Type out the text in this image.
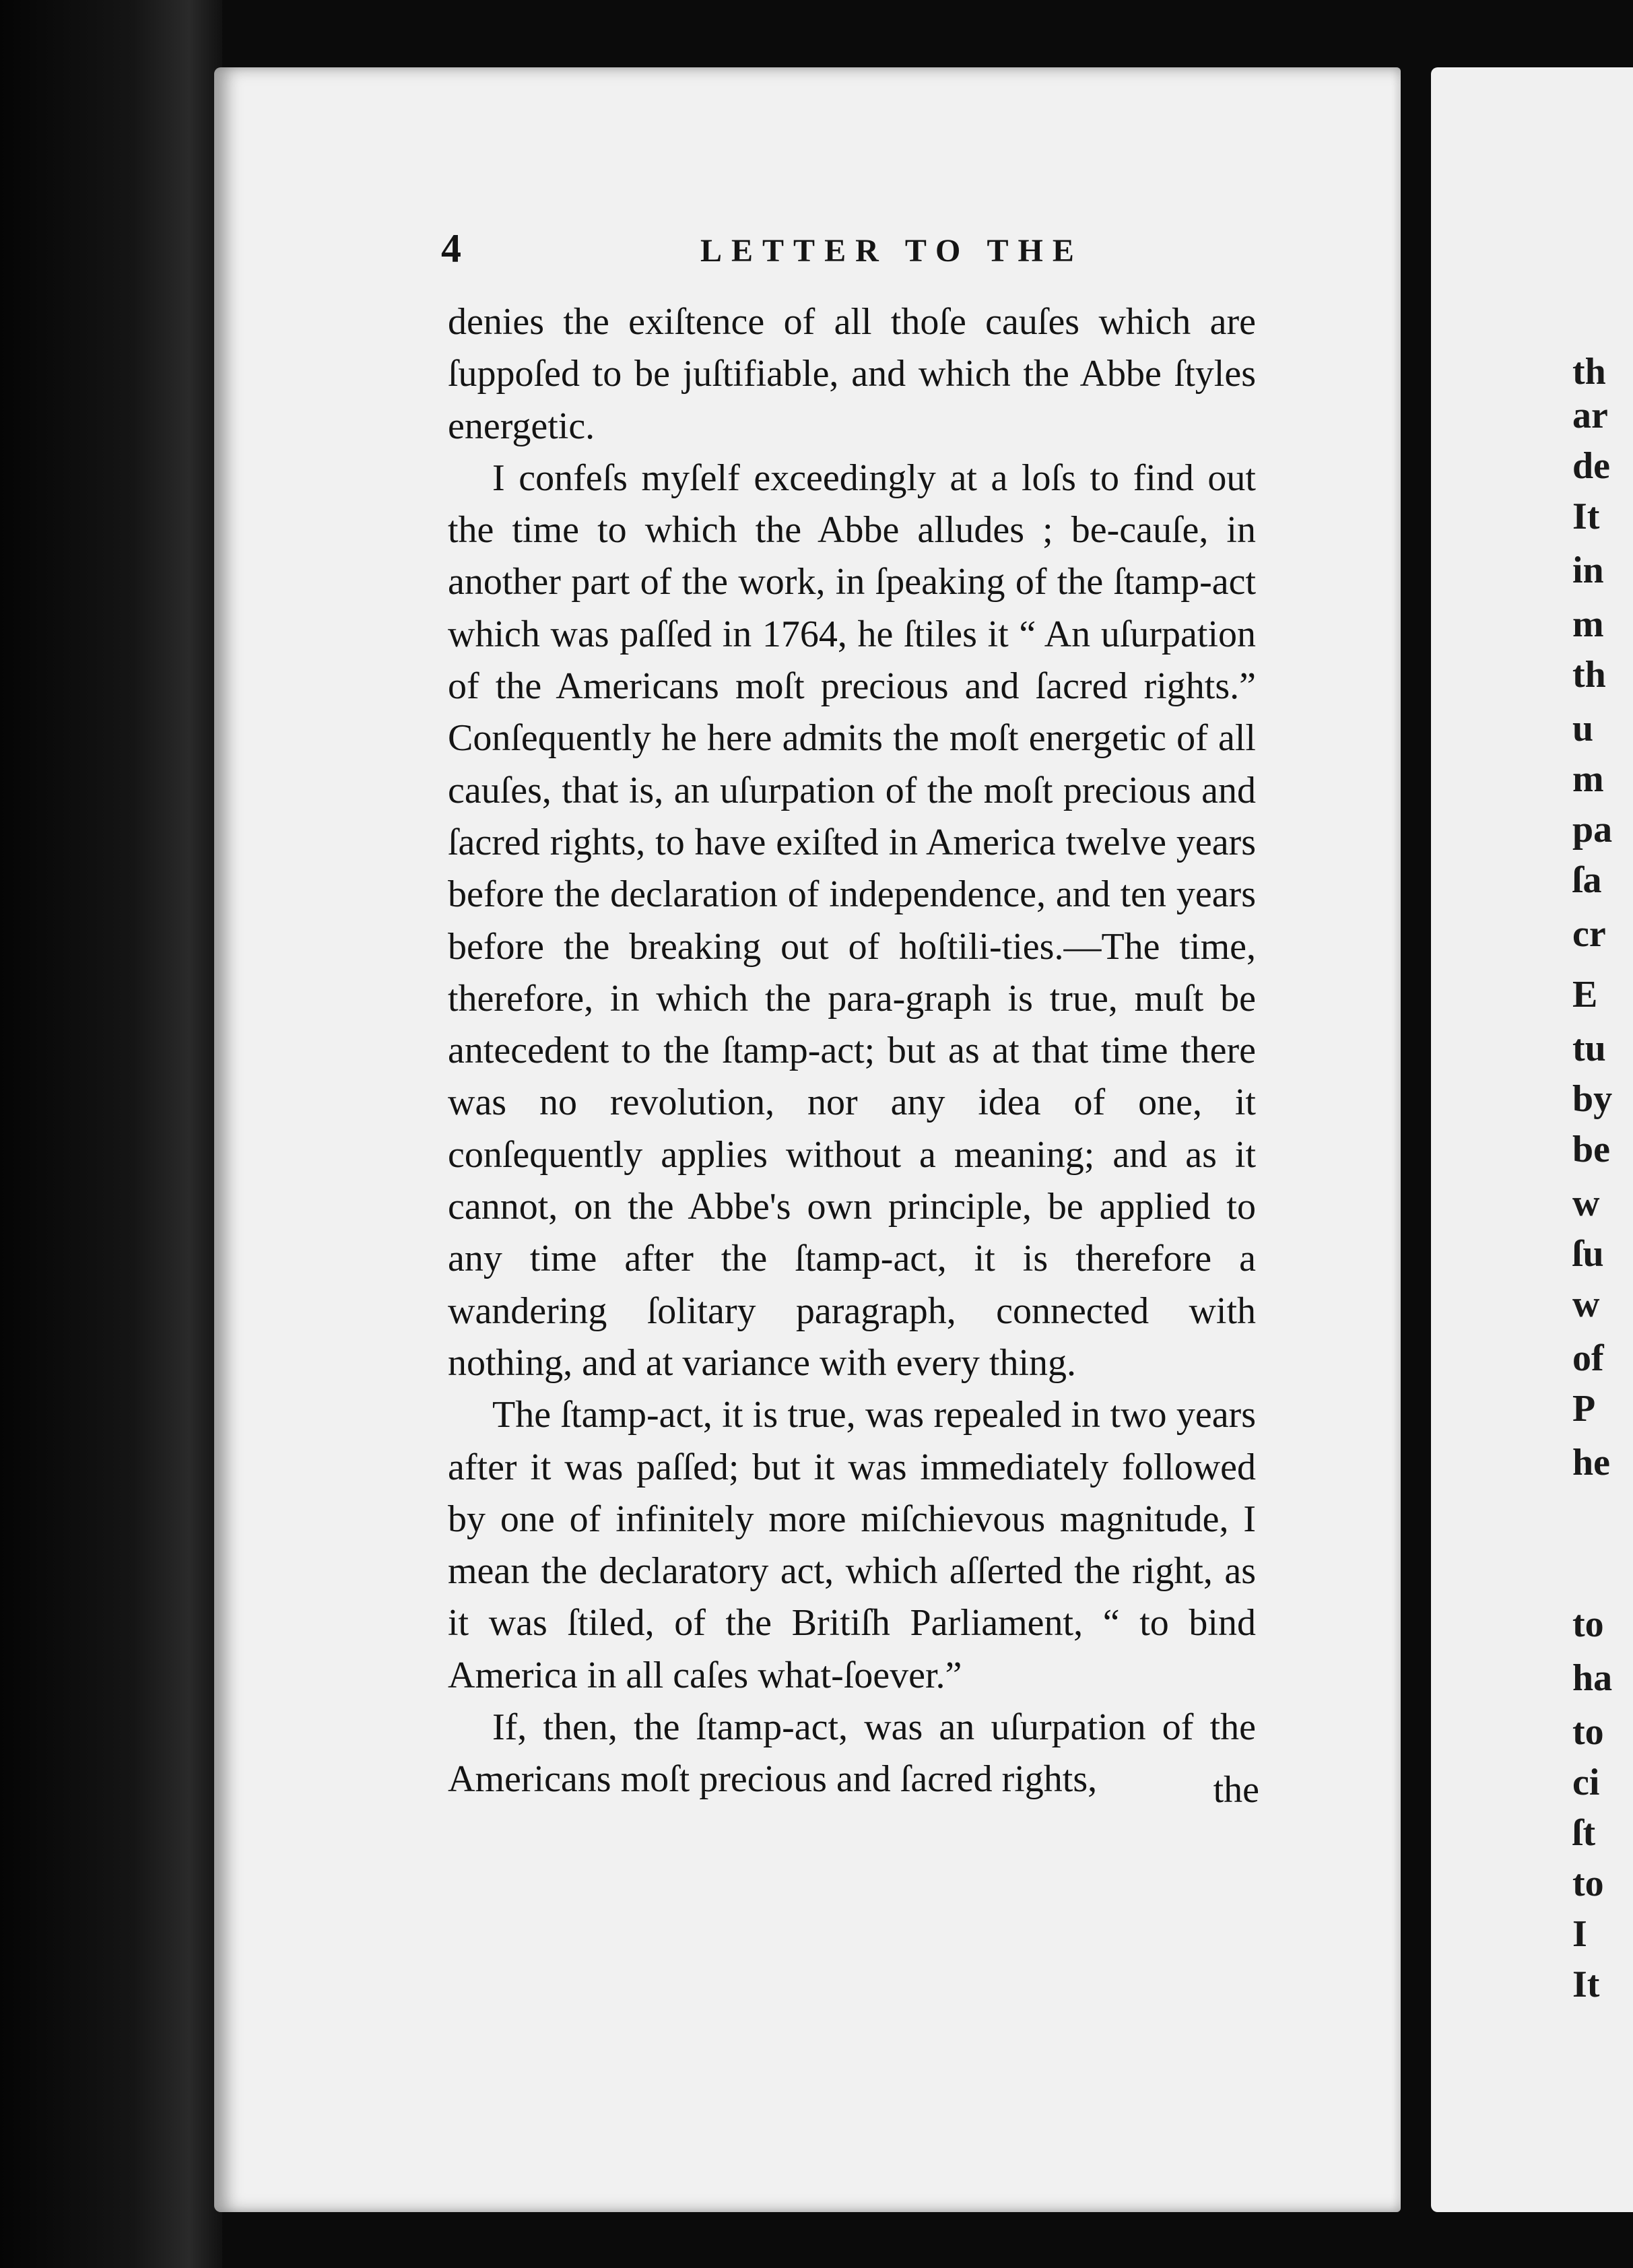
4	LETTER TO THE

denies the exiſtence of all thoſe cauſes which are ſuppoſed to be juſtifiable, and which the Abbe ſtyles energetic.

I confeſs myſelf exceedingly at a loſs to find out the time to which the Abbe alludes ; be-cauſe, in another part of the work, in ſpeaking of the ſtamp-act which was paſſed in 1764, he ſtiles it “ An uſurpation of the Americans moſt precious and ſacred rights.” Conſequently he here admits the moſt energetic of all cauſes, that is, an uſurpation of the moſt precious and ſacred rights, to have exiſted in America twelve years before the declaration of independence, and ten years before the breaking out of hoſtili-ties.—The time, therefore, in which the para-graph is true, muſt be antecedent to the ſtamp-act; but as at that time there was no revolution, nor any idea of one, it conſequently applies without a meaning; and as it cannot, on the Abbe's own principle, be applied to any time after the ſtamp-act, it is therefore a wandering ſolitary paragraph, connected with nothing, and at variance with every thing.

The ſtamp-act, it is true, was repealed in two years after it was paſſed; but it was immediately followed by one of infinitely more miſchievous magnitude, I mean the declaratory act, which aſſerted the right, as it was ſtiled, of the Britiſh Parliament, “ to bind America in all caſes what-ſoever.”

If, then, the ſtamp-act, was an uſurpation of the Americans moſt precious and ſacred rights,	the
th
ar
de
It
in
m
th
u
m
pa
ſa
cr
E
tu
by
be
w
ſu
w
of
P
he
to
ha
to
ci
ſt
to
I
It
